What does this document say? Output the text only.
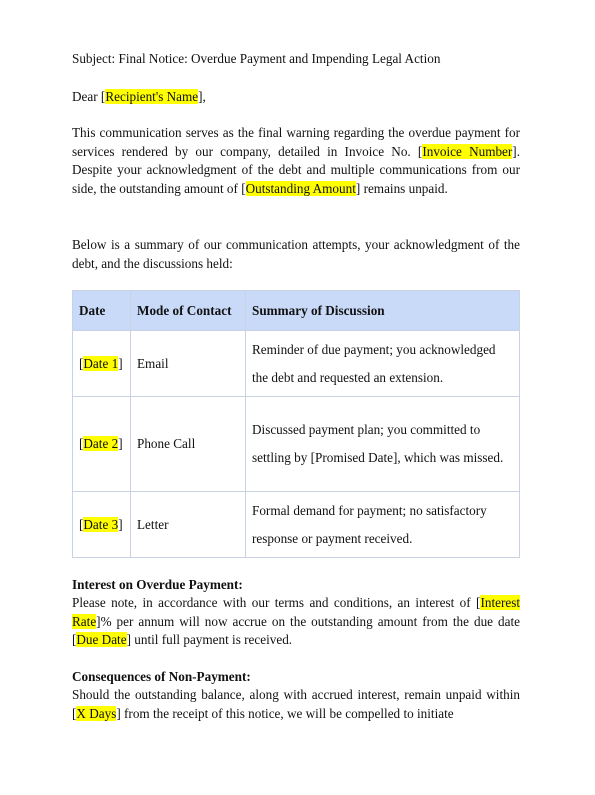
Subject: Final Notice: Overdue Payment and Impending Legal Action
Dear [Recipient's Name],
This communication serves as the final warning regarding the overdue payment for services rendered by our company, detailed in Invoice No. [Invoice Number]. Despite your acknowledgment of the debt and multiple communications from our side, the outstanding amount of [Outstanding Amount] remains unpaid.
Below is a summary of our communication attempts, your acknowledgment of the debt, and the discussions held:
Date	Mode of Contact	Summary of Discussion
[Date 1]	Email	Reminder of due payment; you acknowledged the debt and requested an extension.
[Date 2]	Phone Call	Discussed payment plan; you committed to settling by [Promised Date], which was missed.
[Date 3]	Letter	Formal demand for payment; no satisfactory response or payment received.
Interest on Overdue Payment:
Please note, in accordance with our terms and conditions, an interest of [Interest Rate]% per annum will now accrue on the outstanding amount from the due date [Due Date] until full payment is received.
Consequences of Non-Payment:
Should the outstanding balance, along with accrued interest, remain unpaid within [X Days] from the receipt of this notice, we will be compelled to initiate
